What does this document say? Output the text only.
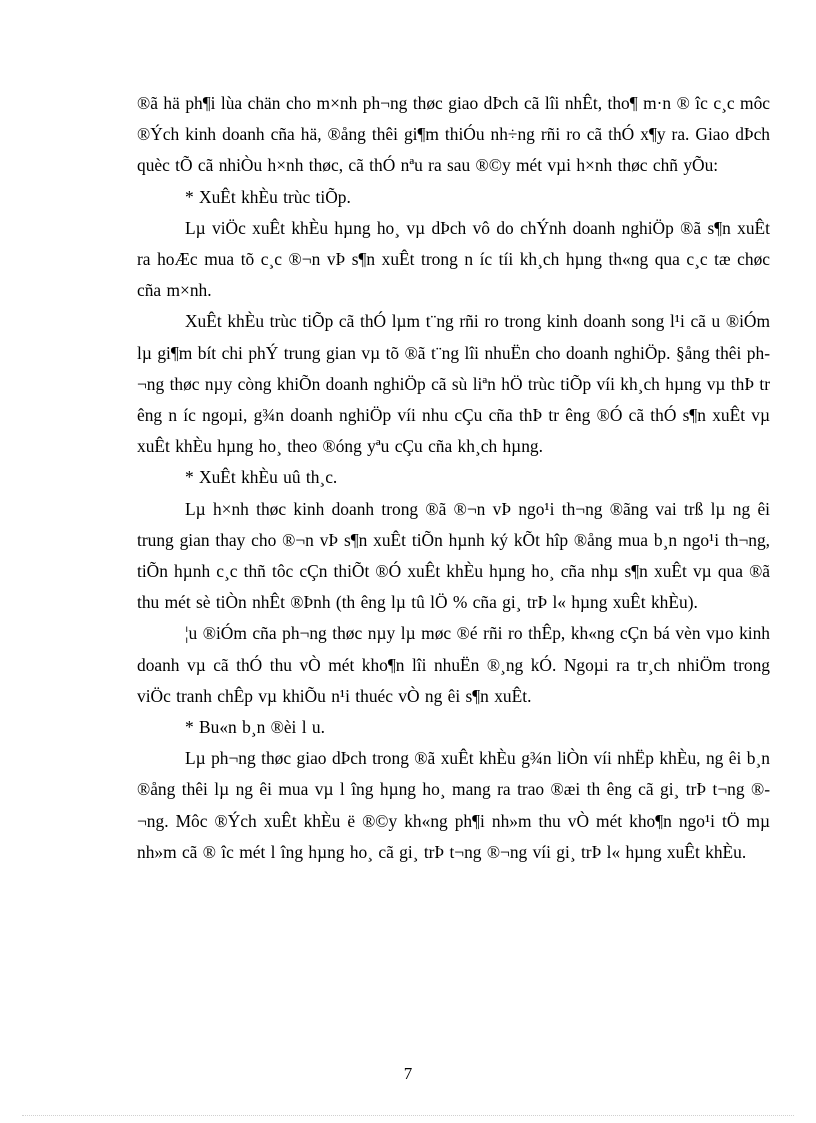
®ã hä ph¶i lùa chän cho m×nh ph¬ng thøc giao dÞch cã lîi nhÊt, tho¶ m·n ® îc c¸c môc ®Ých kinh doanh cña hä, ®ång thêi gi¶m thiÓu nh÷ng rñi ro cã thÓ x¶y ra. Giao dÞch quèc tÕ cã nhiÒu h×nh thøc, cã thÓ nªu ra sau ®©y mét vµi h×nh thøc chñ yÕu:

* XuÊt khÈu trùc tiÕp.

Lµ viÖc xuÊt khÈu hµng ho¸ vµ dÞch vô do chÝnh doanh nghiÖp ®ã s¶n xuÊt ra hoÆc mua tõ c¸c ®¬n vÞ s¶n xuÊt trong n íc tíi kh¸ch hµng th«ng qua c¸c tæ chøc cña m×nh.

XuÊt khÈu trùc tiÕp cã thÓ lµm t¨ng rñi ro trong kinh doanh song l¹i cã u ®iÓm lµ gi¶m bít chi phÝ trung gian vµ tõ ®ã t¨ng lîi nhuËn cho doanh nghiÖp. §ång thêi ph¬ng thøc nµy còng khiÕn doanh nghiÖp cã sù liªn hÖ trùc tiÕp víi kh¸ch hµng vµ thÞ tr êng n íc ngoµi, g¾n doanh nghiÖp víi nhu cÇu cña thÞ tr êng ®Ó cã thÓ s¶n xuÊt vµ xuÊt khÈu hµng ho¸ theo ®óng yªu cÇu cña kh¸ch hµng.

* XuÊt khÈu uû th¸c.

Lµ h×nh thøc kinh doanh trong ®ã ®¬n vÞ ngo¹i th¬ng ®ãng vai trß lµ ng êi trung gian thay cho ®¬n vÞ s¶n xuÊt tiÕn hµnh ký kÕt hîp ®ång mua b¸n ngo¹i th¬ng, tiÕn hµnh c¸c thñ tôc cÇn thiÕt ®Ó xuÊt khÈu hµng ho¸ cña nhµ s¶n xuÊt vµ qua ®ã thu mét sè tiÒn nhÊt ®Þnh (th êng lµ tû lÖ % cña gi¸ trÞ l« hµng xuÊt khÈu).

¦u ®iÓm cña ph¬ng thøc nµy lµ møc ®é rñi ro thÊp, kh«ng cÇn bá vèn vµo kinh doanh vµ cã thÓ thu vÒ mét kho¶n lîi nhuËn ®¸ng kÓ. Ngoµi ra tr¸ch nhiÖm trong viÖc tranh chÊp vµ khiÕu n¹i thuéc vÒ ng êi s¶n xuÊt.

* Bu«n b¸n ®èi l u.

Lµ ph¬ng thøc giao dÞch trong ®ã xuÊt khÈu g¾n liÒn víi nhËp khÈu, ng êi b¸n ®ång thêi lµ ng êi mua vµ l îng hµng ho¸ mang ra trao ®æi th êng cã gi¸ trÞ t¬ng ®¬ng. Môc ®Ých xuÊt khÈu ë ®©y kh«ng ph¶i nh»m thu vÒ mét kho¶n ngo¹i tÖ mµ nh»m cã ® îc mét l îng hµng ho¸ cã gi¸ trÞ t¬ng ®¬ng víi gi¸ trÞ l« hµng xuÊt khÈu.

7
